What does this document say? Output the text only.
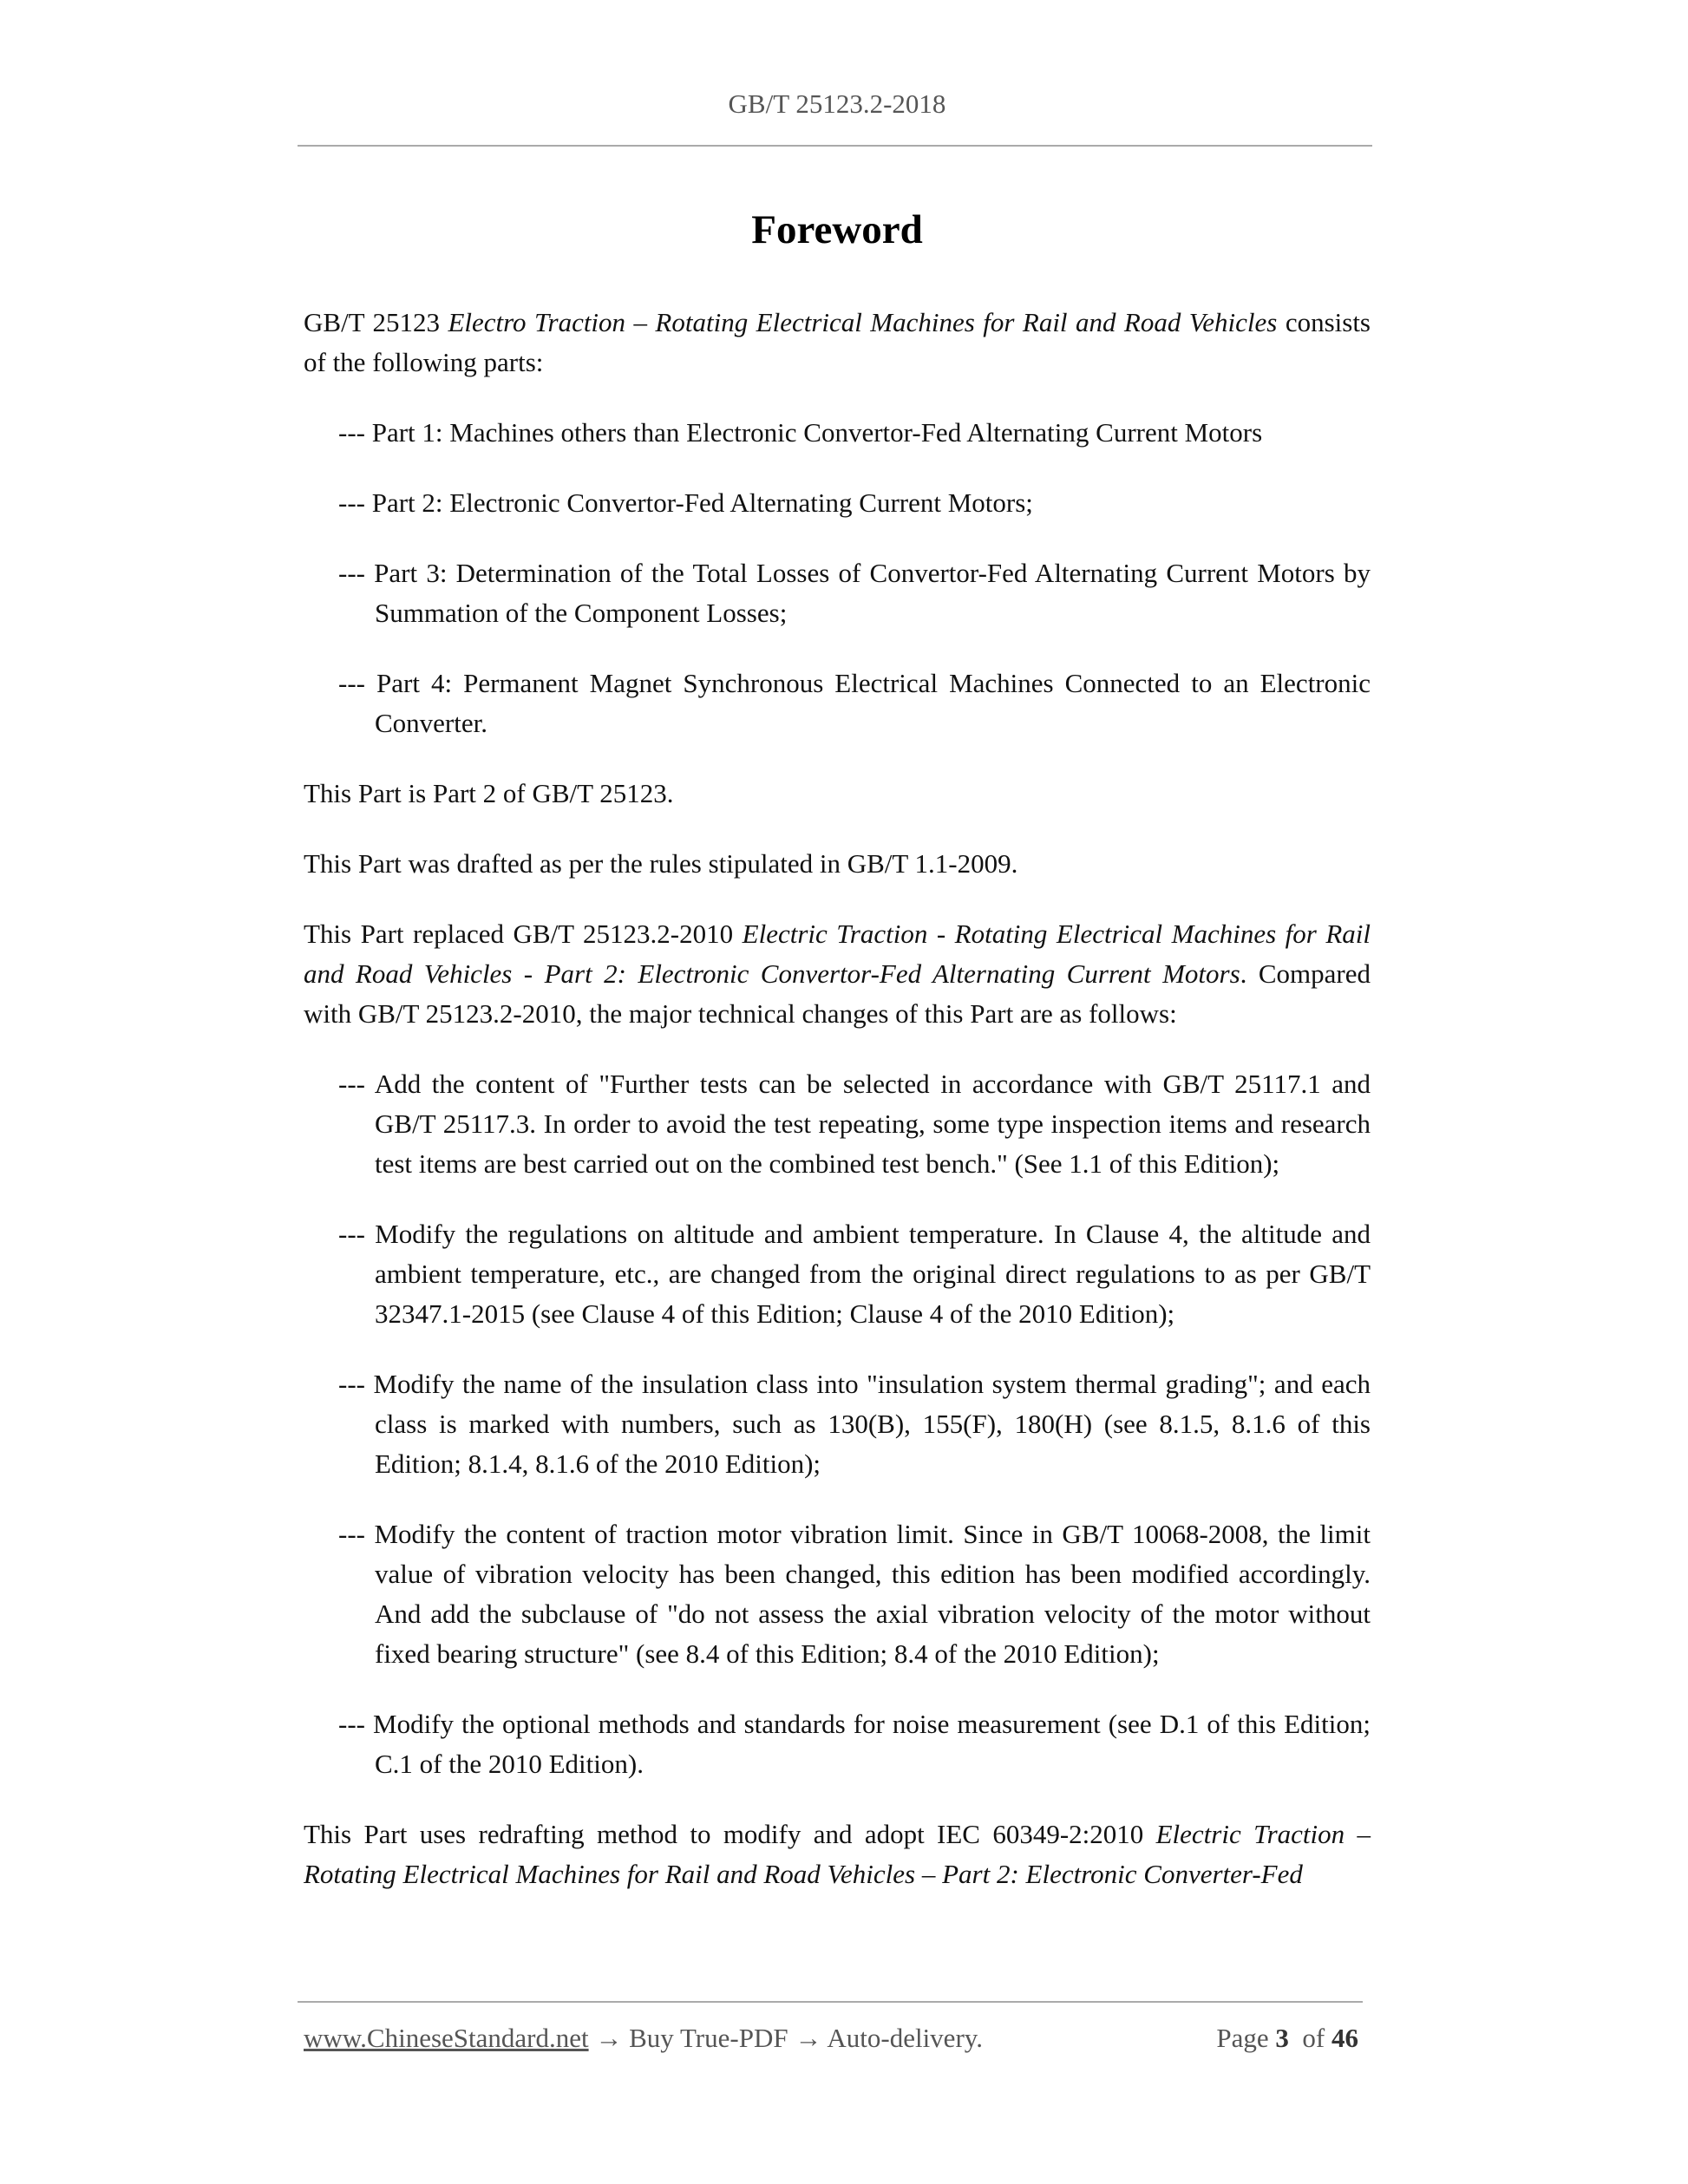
GB/T 25123.2-2018
Foreword

GB/T 25123 Electro Traction – Rotating Electrical Machines for Rail and Road Vehicles consists of the following parts:

--- Part 1: Machines others than Electronic Convertor-Fed Alternating Current Motors

--- Part 2: Electronic Convertor-Fed Alternating Current Motors;

--- Part 3: Determination of the Total Losses of Convertor-Fed Alternating Current Motors by Summation of the Component Losses;

--- Part 4: Permanent Magnet Synchronous Electrical Machines Connected to an Electronic Converter.

This Part is Part 2 of GB/T 25123.

This Part was drafted as per the rules stipulated in GB/T 1.1-2009.

This Part replaced GB/T 25123.2-2010 Electric Traction - Rotating Electrical Machines for Rail and Road Vehicles - Part 2: Electronic Convertor-Fed Alternating Current Motors. Compared with GB/T 25123.2-2010, the major technical changes of this Part are as follows:

--- Add the content of "Further tests can be selected in accordance with GB/T 25117.1 and GB/T 25117.3. In order to avoid the test repeating, some type inspection items and research test items are best carried out on the combined test bench." (See 1.1 of this Edition);

--- Modify the regulations on altitude and ambient temperature. In Clause 4, the altitude and ambient temperature, etc., are changed from the original direct regulations to as per GB/T 32347.1-2015 (see Clause 4 of this Edition; Clause 4 of the 2010 Edition);

--- Modify the name of the insulation class into "insulation system thermal grading"; and each class is marked with numbers, such as 130(B), 155(F), 180(H) (see 8.1.5, 8.1.6 of this Edition; 8.1.4, 8.1.6 of the 2010 Edition);

--- Modify the content of traction motor vibration limit. Since in GB/T 10068-2008, the limit value of vibration velocity has been changed, this edition has been modified accordingly. And add the subclause of "do not assess the axial vibration velocity of the motor without fixed bearing structure" (see 8.4 of this Edition; 8.4 of the 2010 Edition);

--- Modify the optional methods and standards for noise measurement (see D.1 of this Edition; C.1 of the 2010 Edition).

This Part uses redrafting method to modify and adopt IEC 60349-2:2010 Electric Traction – Rotating Electrical Machines for Rail and Road Vehicles – Part 2: Electronic Converter-Fed

www.ChineseStandard.net → Buy True-PDF → Auto-delivery.	Page 3 of 46
